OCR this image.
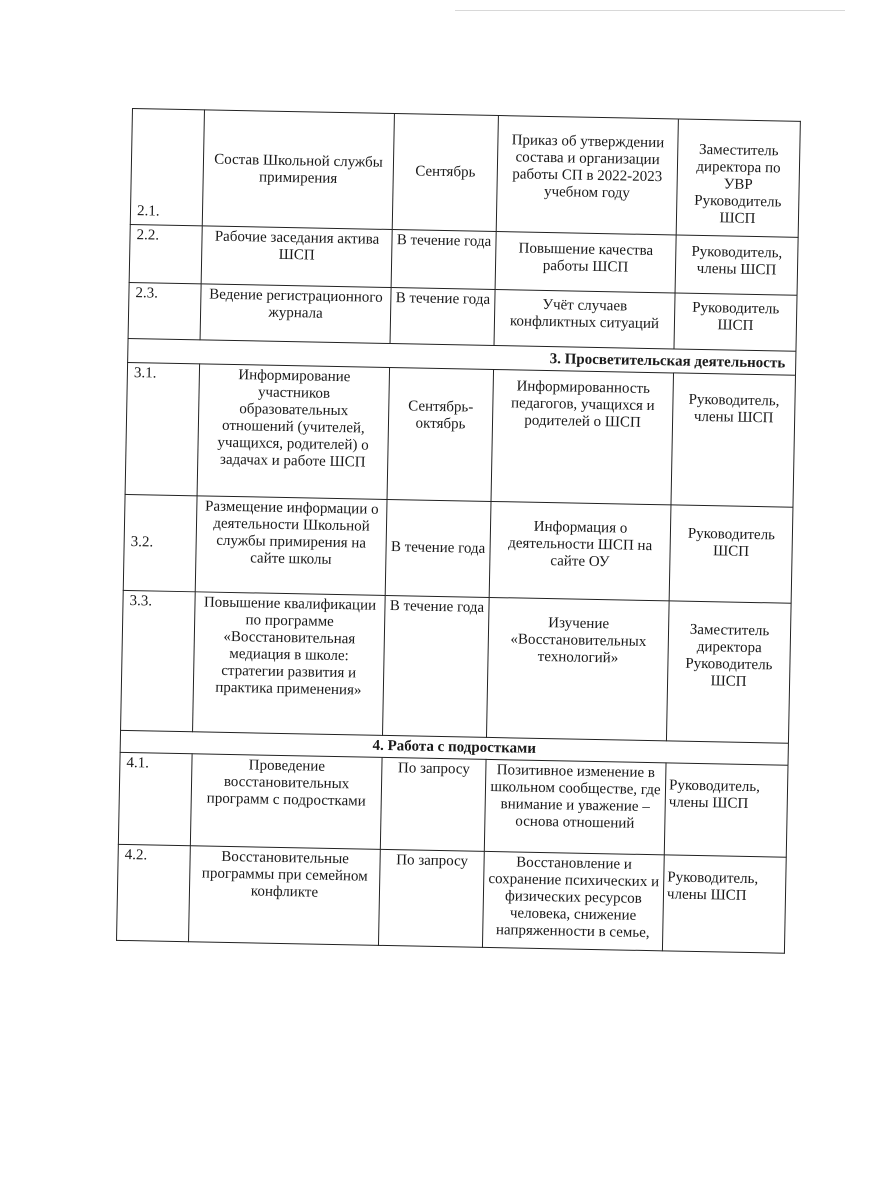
2.1.	Состав Школьной службы примирения	Сентябрь	Приказ об утверждении состава и организации работы СП в 2022-2023 учебном году	Заместитель директора по УВР Руководитель ШСП
2.2.	Рабочие заседания актива ШСП	В течение года	Повышение качества работы ШСП	Руководитель, члены ШСП
2.3.	Ведение регистрационного журнала	В течение года	Учёт случаев конфликтных ситуаций	Руководитель ШСП
3. Просветительская деятельность				
3.1.	Информирование участников образовательных отношений (учителей, учащихся, родителей) о задачах и работе ШСП	Сентябрь-октябрь	Информированность педагогов, учащихся и родителей о ШСП	Руководитель, члены ШСП
3.2.	Размещение информации о деятельности Школьной службы примирения на сайте школы	В течение года	Информация о деятельности ШСП на сайте ОУ	Руководитель ШСП
3.3.	Повышение квалификации по программе «Восстановительная медиация в школе: стратегии развития и практика применения»	В течение года	Изучение «Восстановительных технологий»	Заместитель директора Руководитель ШСП
4. Работа с подростками				
4.1.	Проведение восстановительных программ с подростками	По запросу	Позитивное изменение в школьном сообществе, где внимание и уважение – основа отношений	Руководитель, члены ШСП
4.2.	Восстановительные программы при семейном конфликте	По запросу	Восстановление и сохранение психических и физических ресурсов человека, снижение напряженности в семье,	Руководитель, члены ШСП
